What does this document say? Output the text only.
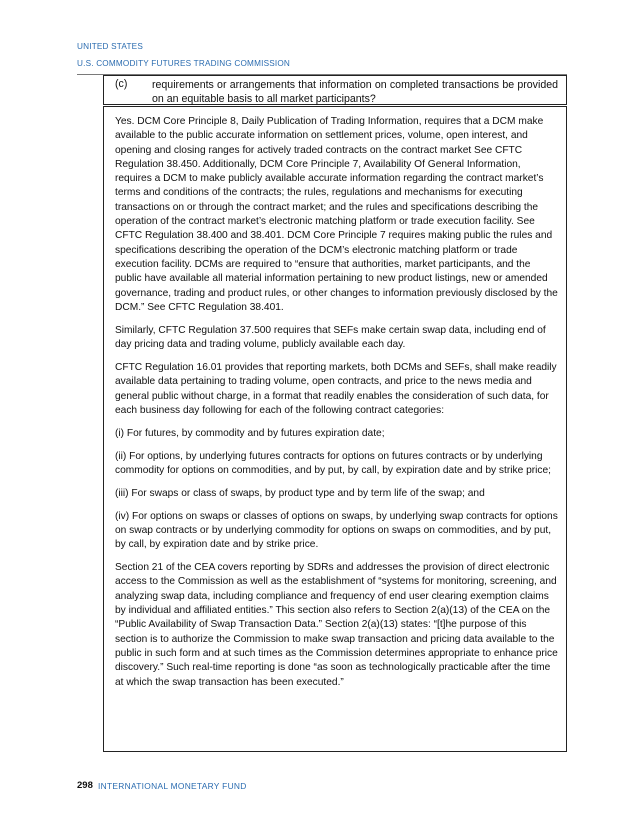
UNITED STATES
U.S. COMMODITY FUTURES TRADING COMMISSION
(c) requirements or arrangements that information on completed transactions be provided on an equitable basis to all market participants?

Yes. DCM Core Principle 8, Daily Publication of Trading Information, requires that a DCM make available to the public accurate information on settlement prices, volume, open interest, and opening and closing ranges for actively traded contracts on the contract market See CFTC Regulation 38.450. Additionally, DCM Core Principle 7, Availability Of General Information, requires a DCM to make publicly available accurate information regarding the contract market’s terms and conditions of the contracts; the rules, regulations and mechanisms for executing transactions on or through the contract market; and the rules and specifications describing the operation of the contract market’s electronic matching platform or trade execution facility. See CFTC Regulation 38.400 and 38.401. DCM Core Principle 7 requires making public the rules and specifications describing the operation of the DCM’s electronic matching platform or trade execution facility. DCMs are required to “ensure that authorities, market participants, and the public have available all material information pertaining to new product listings, new or amended governance, trading and product rules, or other changes to information previously disclosed by the DCM.” See CFTC Regulation 38.401.

Similarly, CFTC Regulation 37.500 requires that SEFs make certain swap data, including end of day pricing data and trading volume, publicly available each day.

CFTC Regulation 16.01 provides that reporting markets, both DCMs and SEFs, shall make readily available data pertaining to trading volume, open contracts, and price to the news media and general public without charge, in a format that readily enables the consideration of such data, for each business day following for each of the following contract categories:

(i) For futures, by commodity and by futures expiration date;

(ii) For options, by underlying futures contracts for options on futures contracts or by underlying commodity for options on commodities, and by put, by call, by expiration date and by strike price;

(iii) For swaps or class of swaps, by product type and by term life of the swap; and

(iv) For options on swaps or classes of options on swaps, by underlying swap contracts for options on swap contracts or by underlying commodity for options on swaps on commodities, and by put, by call, by expiration date and by strike price.

Section 21 of the CEA covers reporting by SDRs and addresses the provision of direct electronic access to the Commission as well as the establishment of “systems for monitoring, screening, and analyzing swap data, including compliance and frequency of end user clearing exemption claims by individual and affiliated entities.” This section also refers to Section 2(a)(13) of the CEA on the “Public Availability of Swap Transaction Data.” Section 2(a)(13) states: “[t]he purpose of this section is to authorize the Commission to make swap transaction and pricing data available to the public in such form and at such times as the Commission determines appropriate to enhance price discovery.” Such real-time reporting is done “as soon as technologically practicable after the time at which the swap transaction has been executed.”

298 INTERNATIONAL MONETARY FUND
